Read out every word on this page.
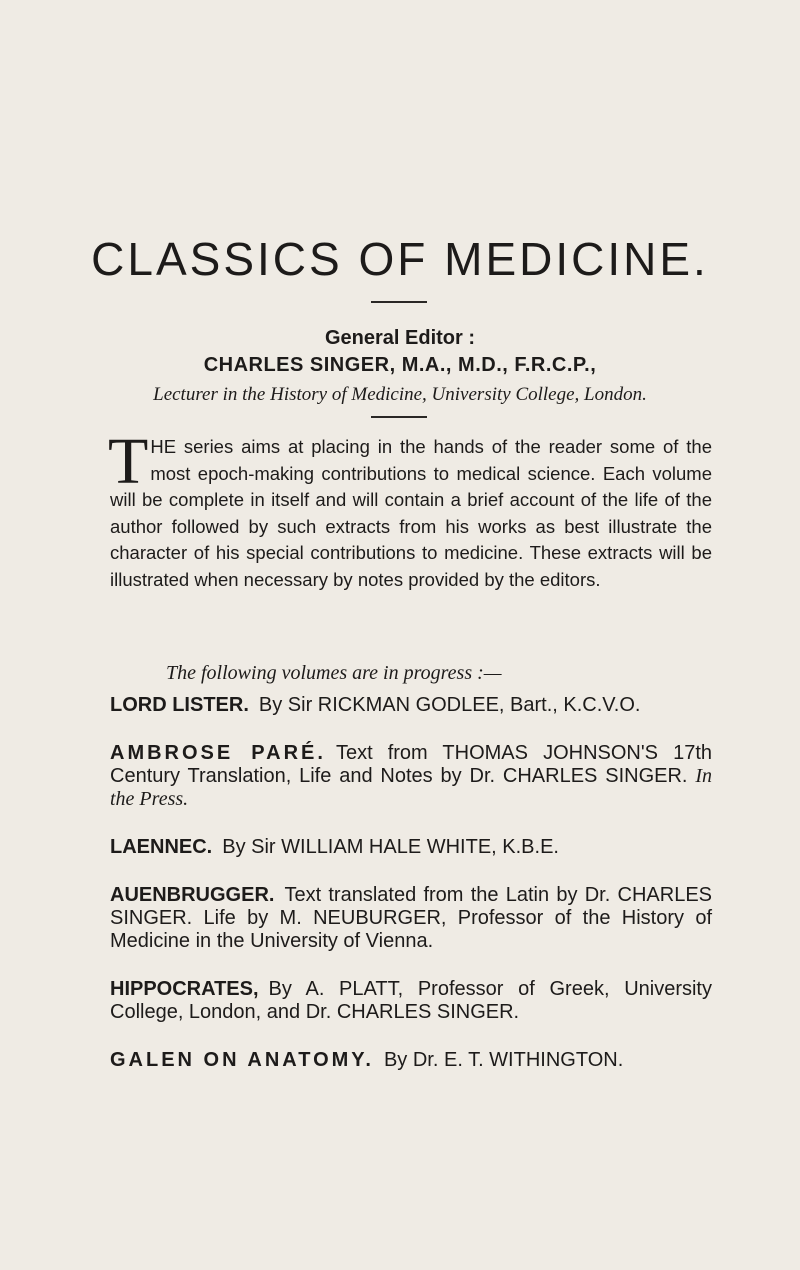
CLASSICS OF MEDICINE.
General Editor :
CHARLES SINGER, M.A., M.D., F.R.C.P.,
Lecturer in the History of Medicine, University College, London.
THE series aims at placing in the hands of the reader some of the most epoch-making contributions to medical science. Each volume will be complete in itself and will contain a brief account of the life of the author followed by such extracts from his works as best illustrate the character of his special contributions to medicine. These extracts will be illustrated when necessary by notes provided by the editors.
The following volumes are in progress :—
LORD LISTER. By Sir RICKMAN GODLEE, Bart., K.C.V.O.
AMBROSE PARÉ. Text from THOMAS JOHNSON'S 17th Century Translation, Life and Notes by Dr. CHARLES SINGER. In the Press.
LAENNEC. By Sir WILLIAM HALE WHITE, K.B.E.
AUENBRUGGER. Text translated from the Latin by Dr. CHARLES SINGER. Life by M. NEUBURGER, Professor of the History of Medicine in the University of Vienna.
HIPPOCRATES, By A. PLATT, Professor of Greek, University College, London, and Dr. CHARLES SINGER.
GALEN ON ANATOMY. By Dr. E. T. WITHINGTON.
